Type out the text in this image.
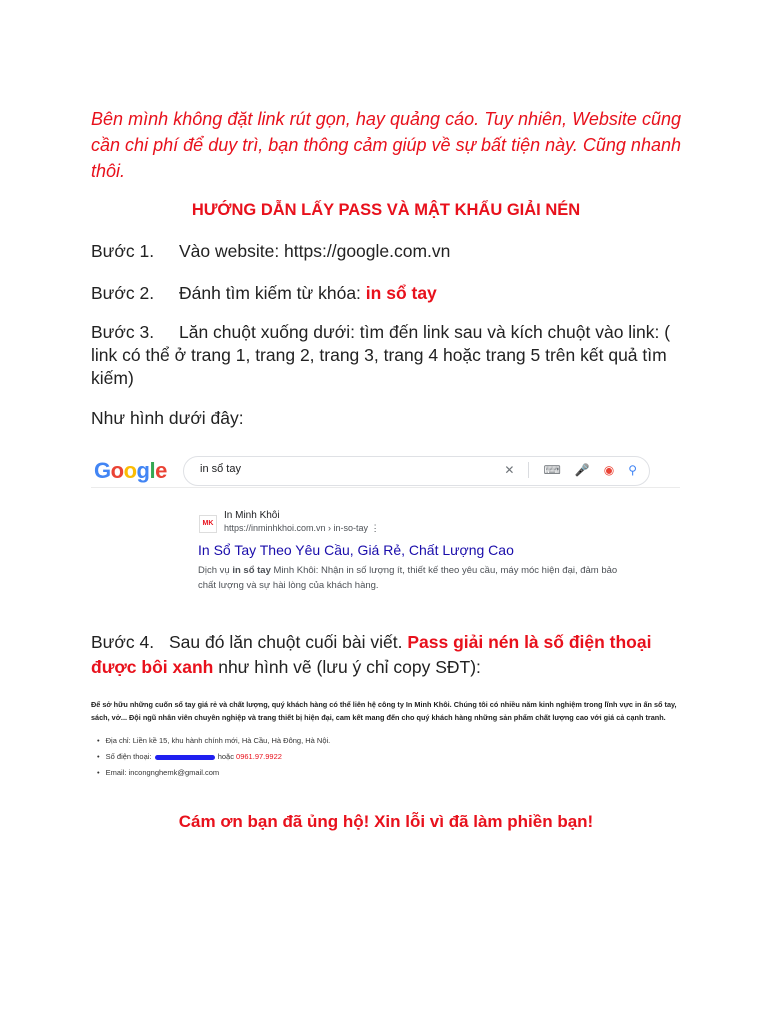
Bên mình không đặt link rút gọn, hay quảng cáo. Tuy nhiên, Website cũng cần chi phí để duy trì, bạn thông cảm giúp về sự bất tiện này. Cũng nhanh thôi.
HƯỚNG DẪN LẤY PASS VÀ MẬT KHẨU GIẢI NÉN
Bước 1. Vào website: https://google.com.vn
Bước 2. Đánh tìm kiếm từ khóa: in sổ tay
Bước 3. Lăn chuột xuống dưới: tìm đến link sau và kích chuột vào link: ( link có thể ở trang 1, trang 2, trang 3, trang 4 hoặc trang 5 trên kết quả tìm kiếm)
Như hình dưới đây:
Google	in sổ tay	✕ ⌨ 🎤 ◉ ⚲
MK
In Minh Khôi
https://inminhkhoi.com.vn › in-so-tay ⋮
In Sổ Tay Theo Yêu Cầu, Giá Rẻ, Chất Lượng Cao
Dịch vụ in sổ tay Minh Khôi: Nhận in số lượng ít, thiết kế theo yêu cầu, máy móc hiện đại, đảm bảo chất lượng và sự hài lòng của khách hàng.
Bước 4. Sau đó lăn chuột cuối bài viết. Pass giải nén là số điện thoại được bôi xanh như hình vẽ (lưu ý chỉ copy SĐT):
Để sở hữu những cuốn sổ tay giá rẻ và chất lượng, quý khách hàng có thể liên hệ công ty In Minh Khôi. Chúng tôi có nhiều năm kinh nghiệm trong lĩnh vực in ấn sổ tay, sách, vở... Đội ngũ nhân viên chuyên nghiệp và trang thiết bị hiện đại, cam kết mang đến cho quý khách hàng những sản phẩm chất lượng cao với giá cả cạnh tranh.
• Địa chỉ: Liền kề 15, khu hành chính mới, Hà Cầu, Hà Đông, Hà Nội.
• Số điện thoại:	hoặc 0961.97.9922
• Email: incongnghemk@gmail.com
Cám ơn bạn đã ủng hộ! Xin lỗi vì đã làm phiền bạn!
